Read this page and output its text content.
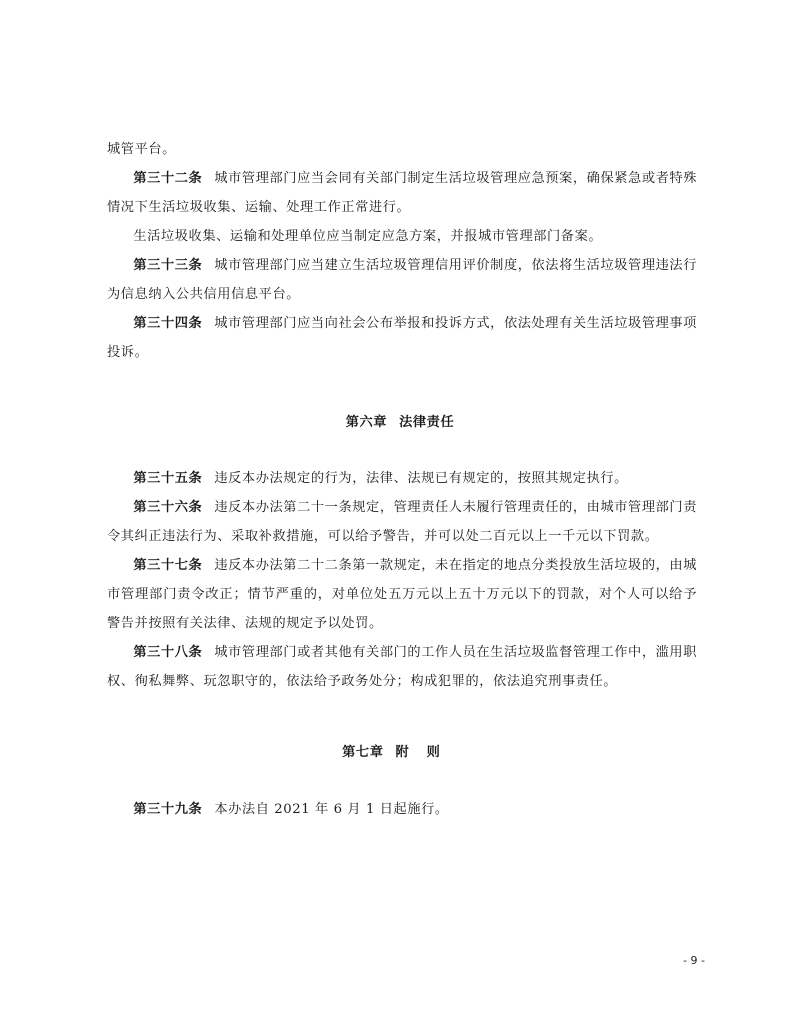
城管平台。

第三十二条 城市管理部门应当会同有关部门制定生活垃圾管理应急预案，确保紧急或者特殊情况下生活垃圾收集、运输、处理工作正常进行。

生活垃圾收集、运输和处理单位应当制定应急方案，并报城市管理部门备案。

第三十三条 城市管理部门应当建立生活垃圾管理信用评价制度，依法将生活垃圾管理违法行为信息纳入公共信用信息平台。

第三十四条 城市管理部门应当向社会公布举报和投诉方式，依法处理有关生活垃圾管理事项投诉。

第六章 法律责任

第三十五条 违反本办法规定的行为，法律、法规已有规定的，按照其规定执行。

第三十六条 违反本办法第二十一条规定，管理责任人未履行管理责任的，由城市管理部门责令其纠正违法行为、采取补救措施，可以给予警告，并可以处二百元以上一千元以下罚款。

第三十七条 违反本办法第二十二条第一款规定，未在指定的地点分类投放生活垃圾的，由城市管理部门责令改正；情节严重的，对单位处五万元以上五十万元以下的罚款，对个人可以给予警告并按照有关法律、法规的规定予以处罚。

第三十八条 城市管理部门或者其他有关部门的工作人员在生活垃圾监督管理工作中，滥用职权、徇私舞弊、玩忽职守的，依法给予政务处分；构成犯罪的，依法追究刑事责任。

第七章 附则

第三十九条 本办法自 2021 年 6 月 1 日起施行。

- 9 -
